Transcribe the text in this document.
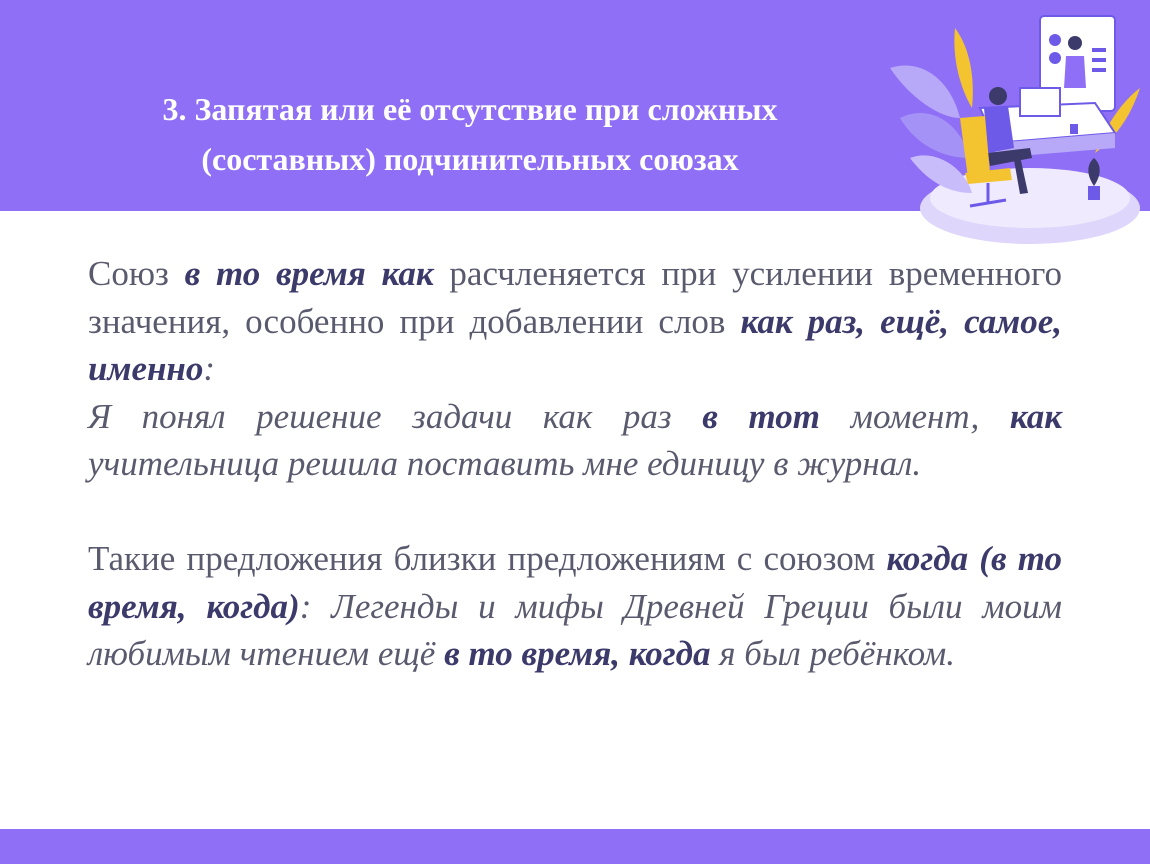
3. Запятая или её отсутствие при сложных
(составных) подчинительных союзах

Союз в то время как расчленяется при усилении временного значения, особенно при добавлении слов как раз, ещё, самое, именно:

Я понял решение задачи как раз в тот момент, как учительница решила поставить мне единицу в журнал.

Такие предложения близки предложениям с союзом когда (в то время, когда): Легенды и мифы Древней Греции были моим любимым чтением ещё в то время, когда я был ребёнком.
